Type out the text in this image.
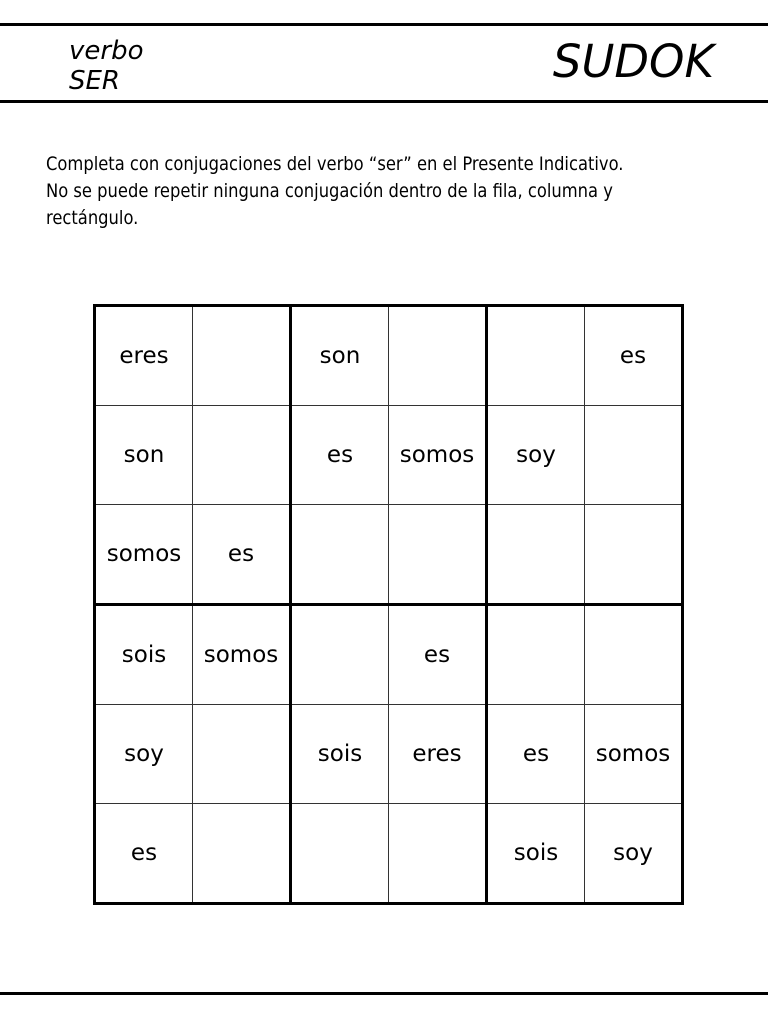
verbo
SER	SUDOK
Completa con conjugaciones del verbo “ser” en el Presente Indicativo.
No se puede repetir ninguna conjugación dentro de la fila, columna y
rectángulo.
eres		son			es
son		es	somos	soy	
somos	es				
sois	somos		es		
soy		sois	eres	es	somos
es				sois	soy
